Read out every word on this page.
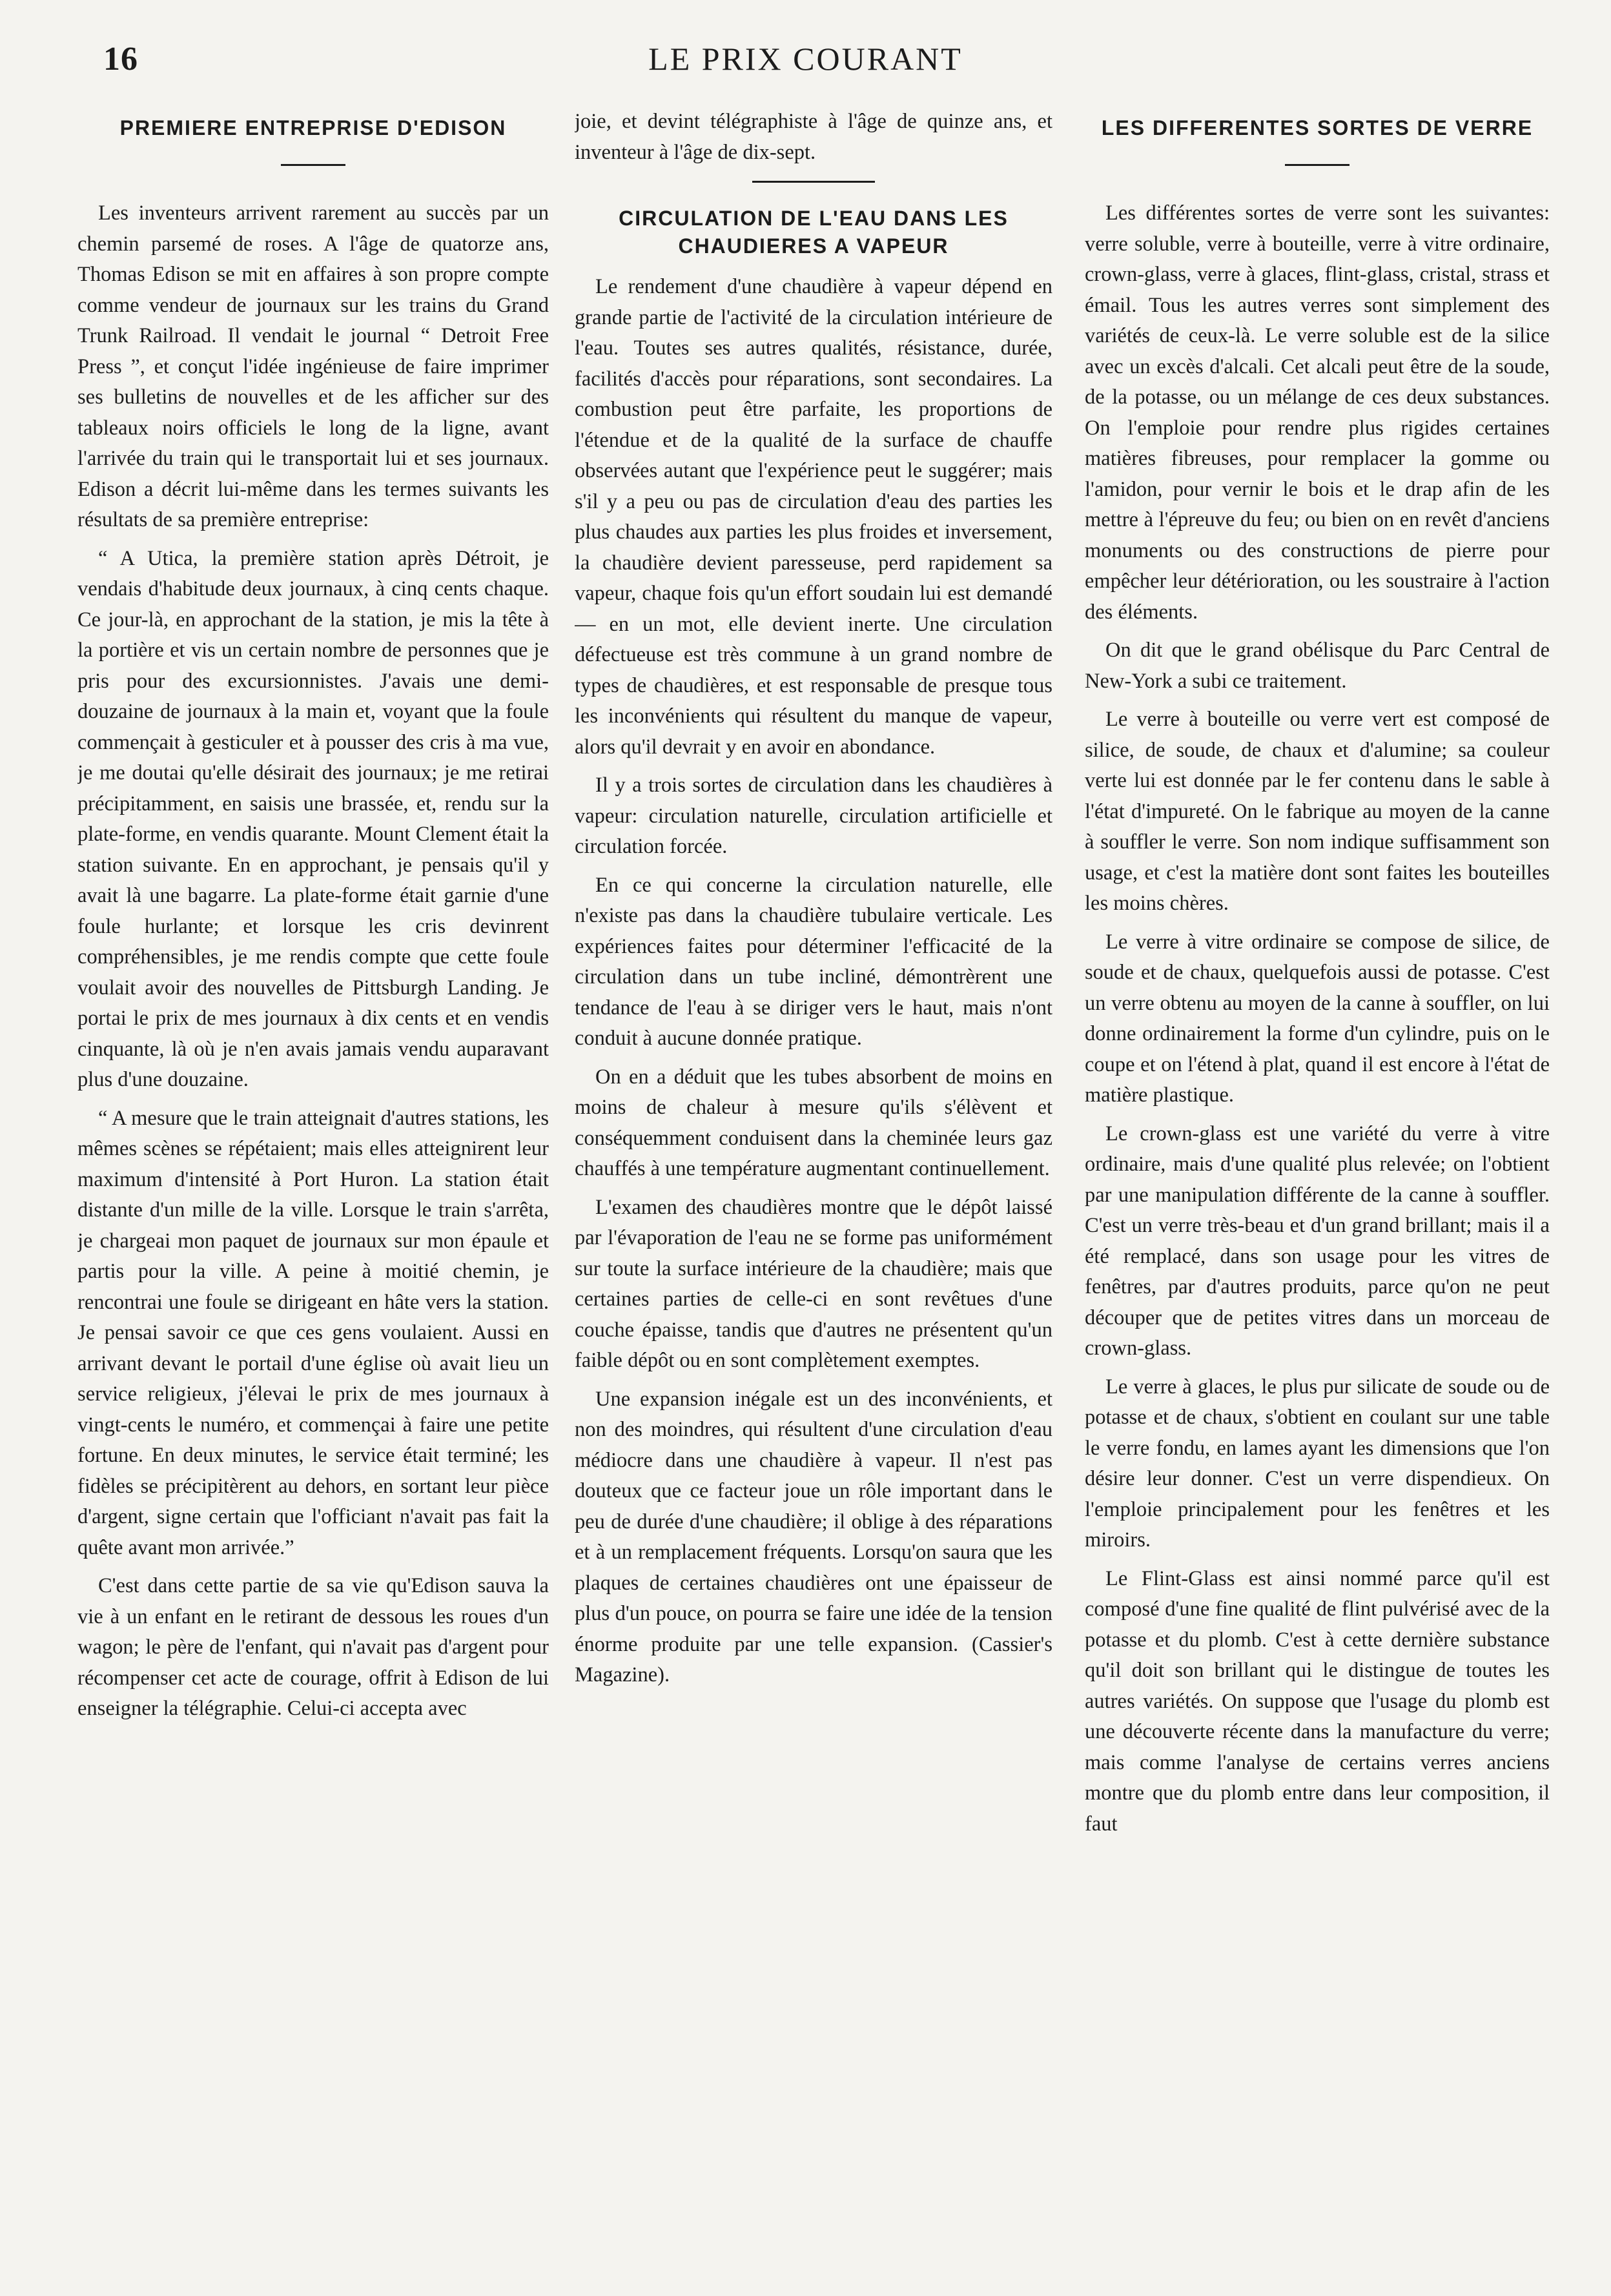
16	LE PRIX COURANT
PREMIERE ENTREPRISE D'EDISON

Les inventeurs arrivent rarement au succès par un chemin parsemé de roses. A l'âge de quatorze ans, Thomas Edison se mit en affaires à son propre compte comme vendeur de journaux sur les trains du Grand Trunk Railroad. Il vendait le journal “ Detroit Free Press ”, et conçut l'idée ingénieuse de faire imprimer ses bulletins de nouvelles et de les afficher sur des tableaux noirs officiels le long de la ligne, avant l'arrivée du train qui le transportait lui et ses journaux. Edison a décrit lui-même dans les termes suivants les résultats de sa première entreprise:

“ A Utica, la première station après Détroit, je vendais d'habitude deux journaux, à cinq cents chaque. Ce jour-là, en approchant de la station, je mis la tête à la portière et vis un certain nombre de personnes que je pris pour des excursionnistes. J'avais une demi-douzaine de journaux à la main et, voyant que la foule commençait à gesticuler et à pousser des cris à ma vue, je me doutai qu'elle désirait des journaux; je me retirai précipitamment, en saisis une brassée, et, rendu sur la plate-forme, en vendis quarante. Mount Clement était la station suivante. En en approchant, je pensais qu'il y avait là une bagarre. La plate-forme était garnie d'une foule hurlante; et lorsque les cris devinrent compréhensibles, je me rendis compte que cette foule voulait avoir des nouvelles de Pittsburgh Landing. Je portai le prix de mes journaux à dix cents et en vendis cinquante, là où je n'en avais jamais vendu auparavant plus d'une douzaine.

“ A mesure que le train atteignait d'autres stations, les mêmes scènes se répétaient; mais elles atteignirent leur maximum d'intensité à Port Huron. La station était distante d'un mille de la ville. Lorsque le train s'arrêta, je chargeai mon paquet de journaux sur mon épaule et partis pour la ville. A peine à moitié chemin, je rencontrai une foule se dirigeant en hâte vers la station. Je pensai savoir ce que ces gens voulaient. Aussi en arrivant devant le portail d'une église où avait lieu un service religieux, j'élevai le prix de mes journaux à vingt-cents le numéro, et commençai à faire une petite fortune. En deux minutes, le service était terminé; les fidèles se précipitèrent au dehors, en sortant leur pièce d'argent, signe certain que l'officiant n'avait pas fait la quête avant mon arrivée.”

C'est dans cette partie de sa vie qu'Edison sauva la vie à un enfant en le retirant de dessous les roues d'un wagon; le père de l'enfant, qui n'avait pas d'argent pour récompenser cet acte de courage, offrit à Edison de lui enseigner la télégraphie. Celui-ci accepta avec

joie, et devint télégraphiste à l'âge de quinze ans, et inventeur à l'âge de dix-sept.

CIRCULATION DE L'EAU DANS LES CHAUDIERES A VAPEUR

Le rendement d'une chaudière à vapeur dépend en grande partie de l'activité de la circulation intérieure de l'eau. Toutes ses autres qualités, résistance, durée, facilités d'accès pour réparations, sont secondaires. La combustion peut être parfaite, les proportions de l'étendue et de la qualité de la surface de chauffe observées autant que l'expérience peut le suggérer; mais s'il y a peu ou pas de circulation d'eau des parties les plus chaudes aux parties les plus froides et inversement, la chaudière devient paresseuse, perd rapidement sa vapeur, chaque fois qu'un effort soudain lui est demandé — en un mot, elle devient inerte. Une circulation défectueuse est très commune à un grand nombre de types de chaudières, et est responsable de presque tous les inconvénients qui résultent du manque de vapeur, alors qu'il devrait y en avoir en abondance.

Il y a trois sortes de circulation dans les chaudières à vapeur: circulation naturelle, circulation artificielle et circulation forcée.

En ce qui concerne la circulation naturelle, elle n'existe pas dans la chaudière tubulaire verticale. Les expériences faites pour déterminer l'efficacité de la circulation dans un tube incliné, démontrèrent une tendance de l'eau à se diriger vers le haut, mais n'ont conduit à aucune donnée pratique.

On en a déduit que les tubes absorbent de moins en moins de chaleur à mesure qu'ils s'élèvent et conséquemment conduisent dans la cheminée leurs gaz chauffés à une température augmentant continuellement.

L'examen des chaudières montre que le dépôt laissé par l'évaporation de l'eau ne se forme pas uniformément sur toute la surface intérieure de la chaudière; mais que certaines parties de celle-ci en sont revêtues d'une couche épaisse, tandis que d'autres ne présentent qu'un faible dépôt ou en sont complètement exemptes.

Une expansion inégale est un des inconvénients, et non des moindres, qui résultent d'une circulation d'eau médiocre dans une chaudière à vapeur. Il n'est pas douteux que ce facteur joue un rôle important dans le peu de durée d'une chaudière; il oblige à des réparations et à un remplacement fréquents. Lorsqu'on saura que les plaques de certaines chaudières ont une épaisseur de plus d'un pouce, on pourra se faire une idée de la tension énorme produite par une telle expansion. (Cassier's Magazine).

LES DIFFERENTES SORTES DE VERRE

Les différentes sortes de verre sont les suivantes: verre soluble, verre à bouteille, verre à vitre ordinaire, crown-glass, verre à glaces, flint-glass, cristal, strass et émail. Tous les autres verres sont simplement des variétés de ceux-là. Le verre soluble est de la silice avec un excès d'alcali. Cet alcali peut être de la soude, de la potasse, ou un mélange de ces deux substances. On l'emploie pour rendre plus rigides certaines matières fibreuses, pour remplacer la gomme ou l'amidon, pour vernir le bois et le drap afin de les mettre à l'épreuve du feu; ou bien on en revêt d'anciens monuments ou des constructions de pierre pour empêcher leur détérioration, ou les soustraire à l'action des éléments.

On dit que le grand obélisque du Parc Central de New-York a subi ce traitement.

Le verre à bouteille ou verre vert est composé de silice, de soude, de chaux et d'alumine; sa couleur verte lui est donnée par le fer contenu dans le sable à l'état d'impureté. On le fabrique au moyen de la canne à souffler le verre. Son nom indique suffisamment son usage, et c'est la matière dont sont faites les bouteilles les moins chères.

Le verre à vitre ordinaire se compose de silice, de soude et de chaux, quelquefois aussi de potasse. C'est un verre obtenu au moyen de la canne à souffler, on lui donne ordinairement la forme d'un cylindre, puis on le coupe et on l'étend à plat, quand il est encore à l'état de matière plastique.

Le crown-glass est une variété du verre à vitre ordinaire, mais d'une qualité plus relevée; on l'obtient par une manipulation différente de la canne à souffler. C'est un verre très-beau et d'un grand brillant; mais il a été remplacé, dans son usage pour les vitres de fenêtres, par d'autres produits, parce qu'on ne peut découper que de petites vitres dans un morceau de crown-glass.

Le verre à glaces, le plus pur silicate de soude ou de potasse et de chaux, s'obtient en coulant sur une table le verre fondu, en lames ayant les dimensions que l'on désire leur donner. C'est un verre dispendieux. On l'emploie principalement pour les fenêtres et les miroirs.

Le Flint-Glass est ainsi nommé parce qu'il est composé d'une fine qualité de flint pulvérisé avec de la potasse et du plomb. C'est à cette dernière substance qu'il doit son brillant qui le distingue de toutes les autres variétés. On suppose que l'usage du plomb est une découverte récente dans la manufacture du verre; mais comme l'analyse de certains verres anciens montre que du plomb entre dans leur composition, il faut
